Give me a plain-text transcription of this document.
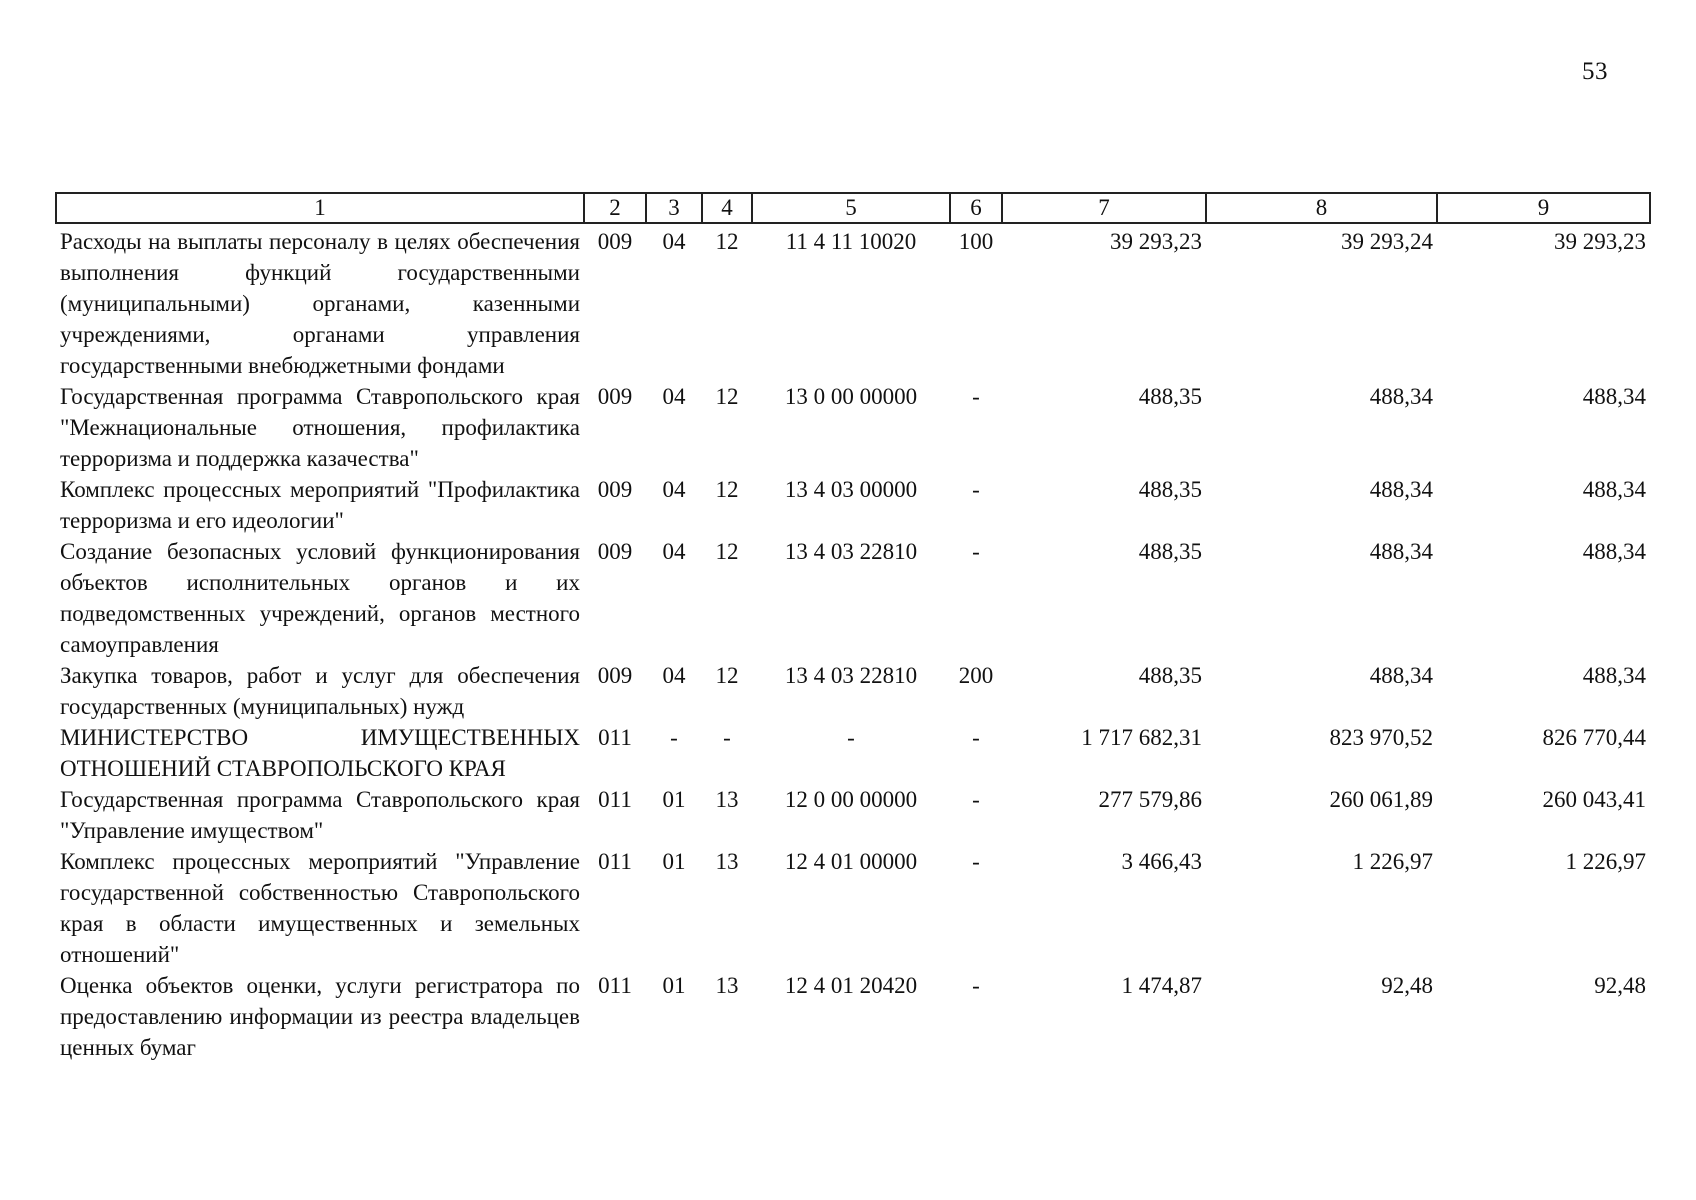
53
1	2	3	4	5	6	7	8	9
Расходы на выплаты персоналу в целях обеспечения выполнения функций государственными (муниципальными) органами, казенными учреждениями, органами управления государственными внебюджетными фондами	009	04	12	11 4 11 10020	100	39 293,23	39 293,24	39 293,23
Государственная программа Ставропольского края "Межнациональные отношения, профилактика терроризма и поддержка казачества"	009	04	12	13 0 00 00000	-	488,35	488,34	488,34
Комплекс процессных мероприятий "Профилактика терроризма и его идеологии"	009	04	12	13 4 03 00000	-	488,35	488,34	488,34
Создание безопасных условий функционирования объектов исполнительных органов и их подведомственных учреждений, органов местного самоуправления	009	04	12	13 4 03 22810	-	488,35	488,34	488,34
Закупка товаров, работ и услуг для обеспечения государственных (муниципальных) нужд	009	04	12	13 4 03 22810	200	488,35	488,34	488,34
МИНИСТЕРСТВО ИМУЩЕСТВЕННЫХ ОТНОШЕНИЙ СТАВРОПОЛЬСКОГО КРАЯ	011	-	-	-	-	1 717 682,31	823 970,52	826 770,44
Государственная программа Ставропольского края "Управление имуществом"	011	01	13	12 0 00 00000	-	277 579,86	260 061,89	260 043,41
Комплекс процессных мероприятий "Управление государственной собственностью Ставропольского края в области имущественных и земельных отношений"	011	01	13	12 4 01 00000	-	3 466,43	1 226,97	1 226,97
Оценка объектов оценки, услуги регистратора по предоставлению информации из реестра владельцев ценных бумаг	011	01	13	12 4 01 20420	-	1 474,87	92,48	92,48
